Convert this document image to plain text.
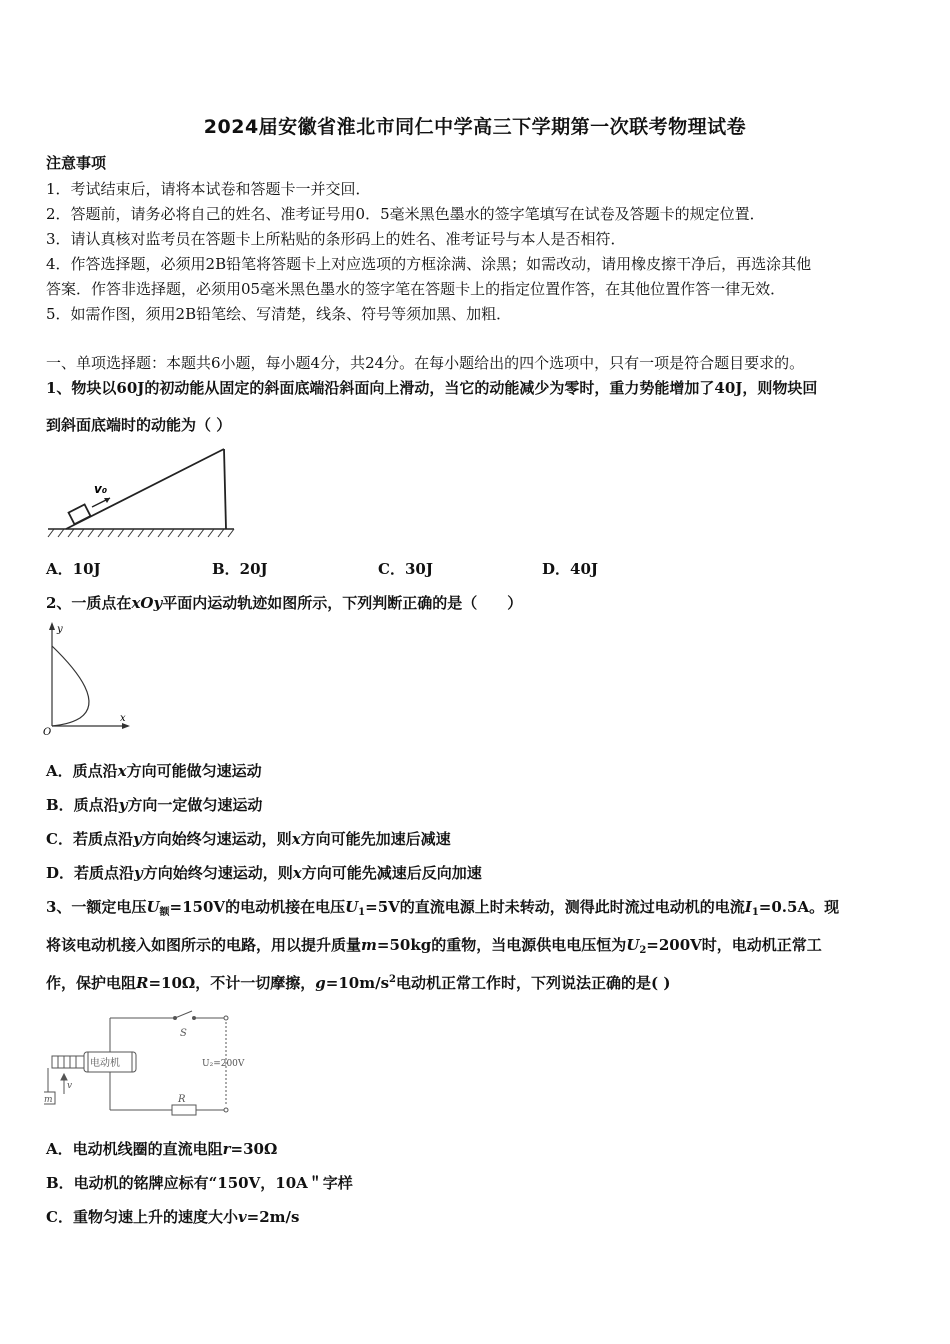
2024届安徽省淮北市同仁中学高三下学期第一次联考物理试卷
注意事项
1．考试结束后，请将本试卷和答题卡一并交回．
2．答题前，请务必将自己的姓名、准考证号用0．5毫米黑色墨水的签字笔填写在试卷及答题卡的规定位置．
3．请认真核对监考员在答题卡上所粘贴的条形码上的姓名、准考证号与本人是否相符．
4．作答选择题，必须用2B铅笔将答题卡上对应选项的方框涂满、涂黑；如需改动，请用橡皮擦干净后，再选涂其他
答案．作答非选择题，必须用05毫米黑色墨水的签字笔在答题卡上的指定位置作答，在其他位置作答一律无效．
5．如需作图，须用2B铅笔绘、写清楚，线条、符号等须加黑、加粗．
一、单项选择题：本题共6小题，每小题4分，共24分。在每小题给出的四个选项中，只有一项是符合题目要求的。
1、物块以60J的初动能从固定的斜面底端沿斜面向上滑动，当它的动能减少为零时，重力势能增加了40J，则物块回
到斜面底端时的动能为（ ）
v₀
A．10J	B．20J	C．30J	D．40J
2、一质点在xOy平面内运动轨迹如图所示，下列判断正确的是（　　）
y
x
O
A．质点沿x方向可能做匀速运动
B．质点沿y方向一定做匀速运动
C．若质点沿y方向始终匀速运动，则x方向可能先加速后减速
D．若质点沿y方向始终匀速运动，则x方向可能先减速后反向加速
3、一额定电压$U_额=150V$的电动机接在电压$U_1=5V$的直流电源上时未转动，测得此时流过电动机的电流$I_1=0.5A$。现
将该电动机接入如图所示的电路，用以提升质量m=50kg的重物，当电源供电电压恒为$U_2=200V$时，电动机正常工
作，保护电阻R=10Ω，不计一切摩擦，$g=10m/s^2$电动机正常工作时，下列说法正确的是( )
S
电动机	U₂=200V
R
m
v
A．电动机线圈的直流电阻r=30Ω
B．电动机的铭牌应标有“150V，10A＂字样
C．重物匀速上升的速度大小v=2m/s
